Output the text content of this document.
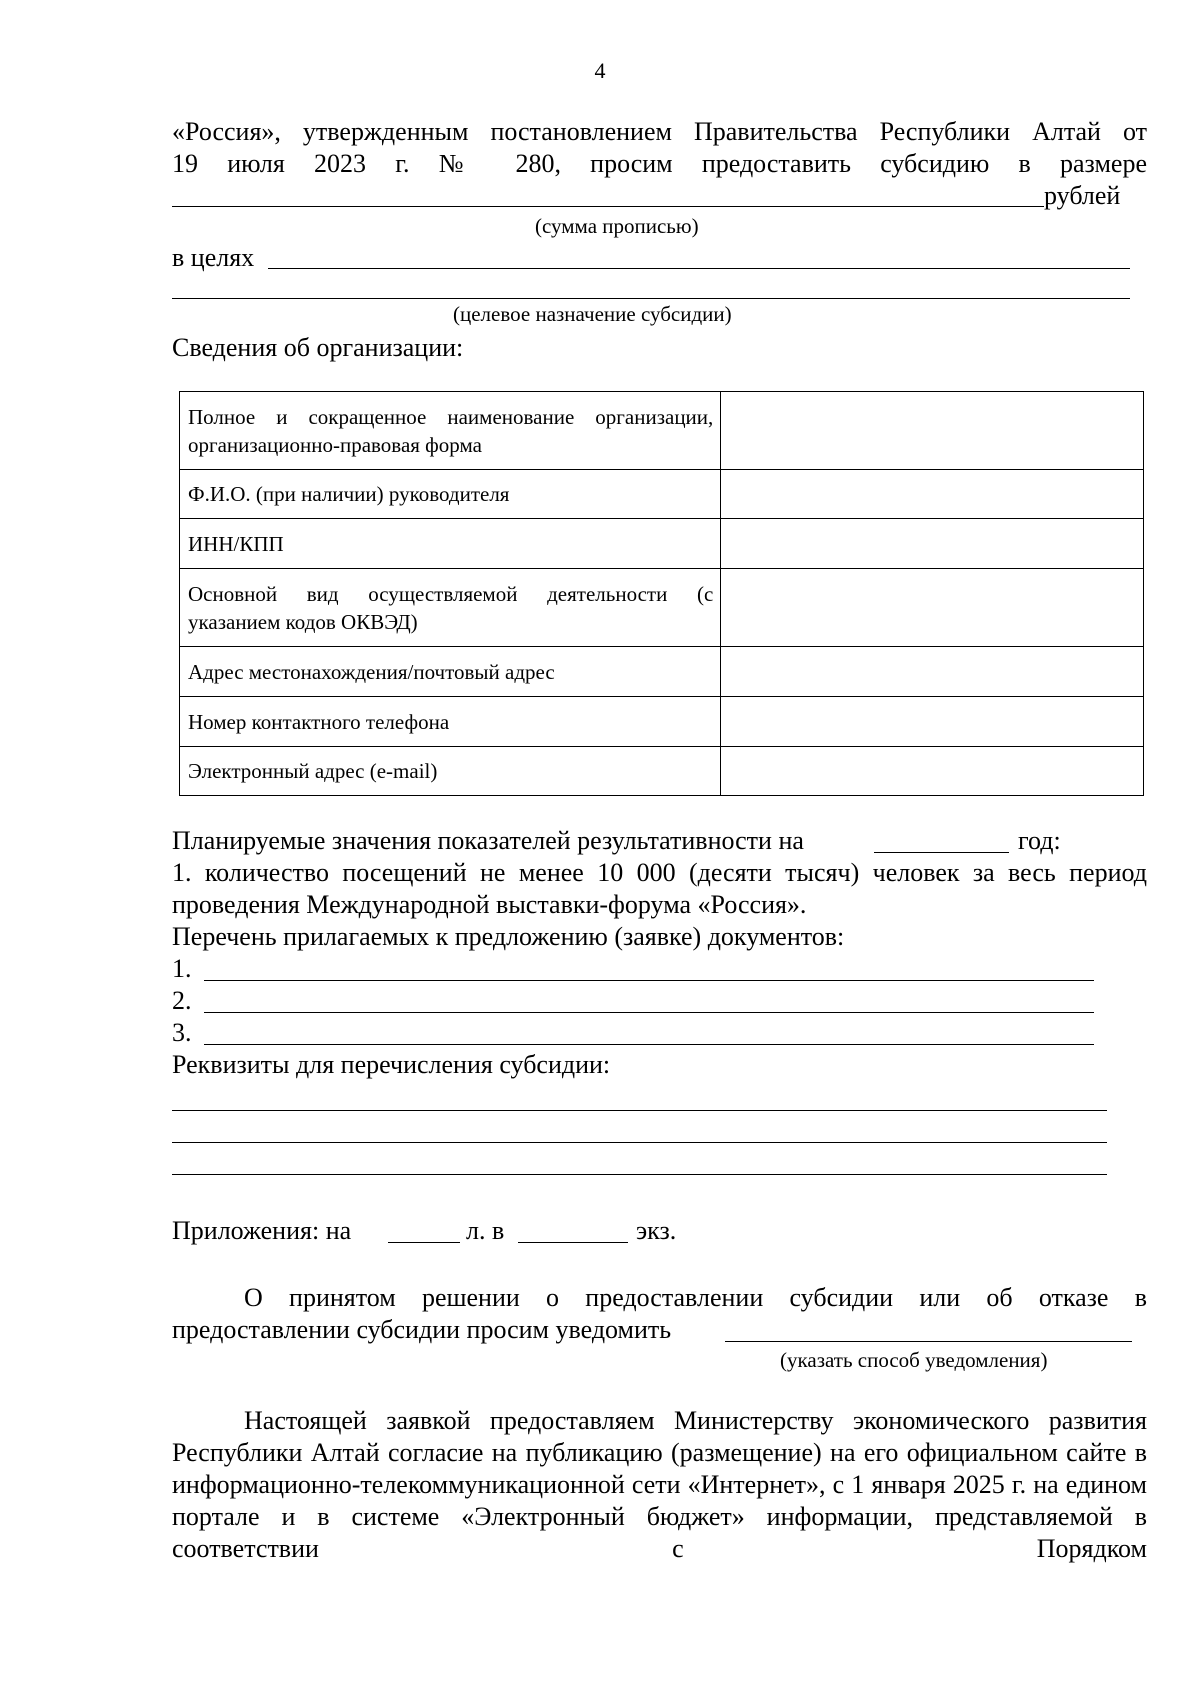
4
«Россия», утвержденным постановлением Правительства Республики Алтай от
19 июля 2023 г. № 280, просим предоставить субсидию в размере
рублей
(сумма прописью)
в целях
(целевое назначение субсидии)
Сведения об организации:
Полное и сокращенное наименование организации, организационно-правовая форма	

Ф.И.О. (при наличии) руководителя	
ИНН/КПП	

Основной вид осуществляемой деятельности (с указанием кодов ОКВЭД)	

Адрес местонахождения/почтовый адрес	
Номер контактного телефона	
Электронный адрес (e-mail)	
Планируемые значения показателей результативности на	год:
1. количество посещений не менее 10 000 (десяти тысяч) человек за весь период проведения Международной выставки-форума «Россия».
Перечень прилагаемых к предложению (заявке) документов:
1.
2.
3.
Реквизиты для перечисления субсидии:
Приложения: на	л. в	экз.
О принятом решении о предоставлении субсидии или об отказе в предоставлении субсидии просим уведомить
(указать способ уведомления)
Настоящей заявкой предоставляем Министерству экономического развития Республики Алтай согласие на публикацию (размещение) на его официальном сайте в информационно-телекоммуникационной сети «Интернет», с 1 января 2025 г. на едином портале и в системе «Электронный бюджет» информации, представляемой в соответствии с Порядком
